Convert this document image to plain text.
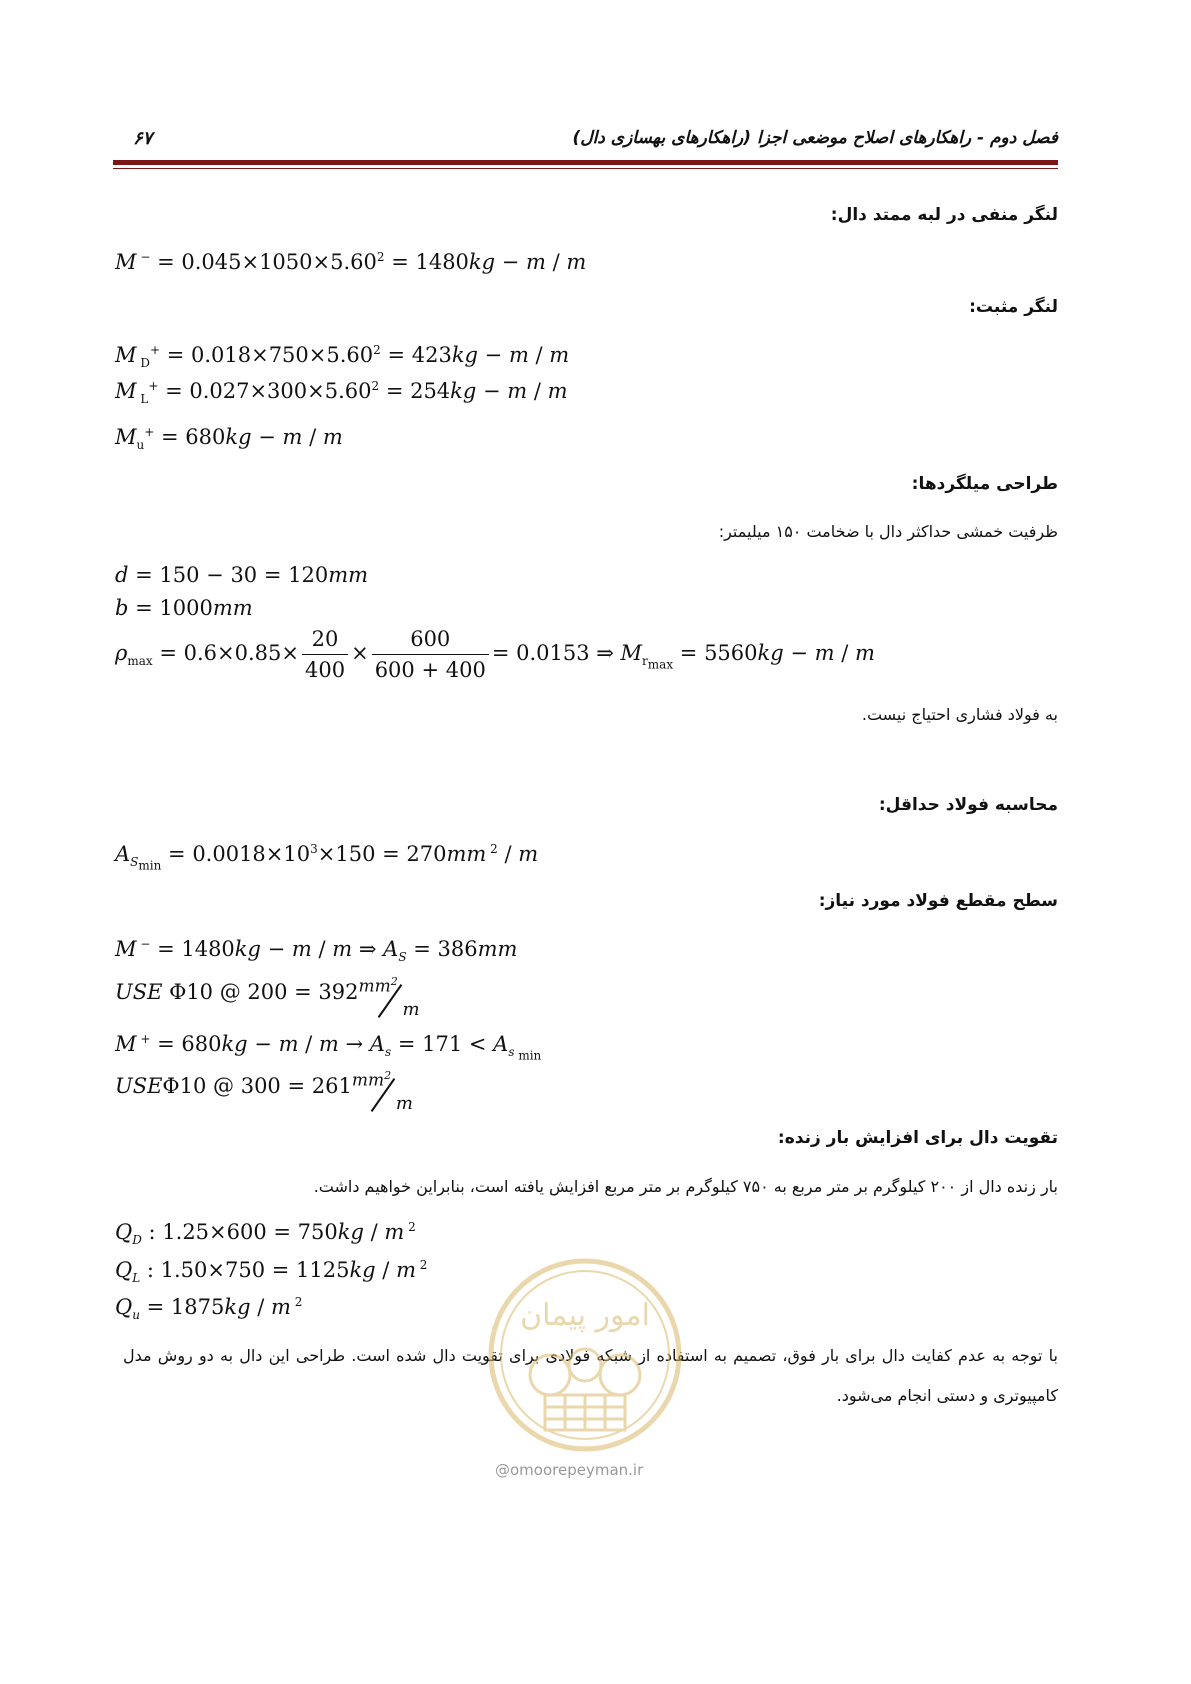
۶۷	فصل دوم - راهکارهای اصلاح موضعی اجزا (راهکارهای بهسازی دال)
لنگر منفی در لبه ممتد دال:
M $^- = 0.045\times 1050\times 5.60^2 = 1480kg - m / m$
لنگر مثبت:
M $_D^+ = 0.018\times 750\times 5.60^2 = 423kg - m / m$
M $_L^+ = 0.027\times 300\times 5.60^2 = 254kg - m / m$
$M_u^+ = 680kg - m / m$
طراحی میلگردها:
ظرفیت خمشی حداکثر دال با ضخامت ۱۵۰ میلیمتر:
d = 150 − 30 = 120mm
b = 1000mm
$\rho_{max} = 0.6\times 0.85\times \frac{20}{400} \times \frac{600}{600 + 400} = 0.0153$ ⇒ $M_{r_{max}} = 5560kg - m / m$
به فولاد فشاری احتیاج نیست.
محاسبه فولاد حداقل:
$A_{S_{min}} = 0.0018\times 10^3\times 150 = 270mm$ $^2$ / m
سطح مقطع فولاد مورد نیاز:
M − = 1480kg − m / m ⇒ $A_S = 386mm$
USE Φ10 @ 200 = 392 $mm^2$
m
M $^+ = 680kg - m / m \to A_s = 171 < A_{s _{min}}$
USEΦ10 @ 300 = 261 $mm^2$
m
تقویت دال برای افزایش بار زنده:
بار زنده دال از ۲۰۰ کیلوگرم بر متر مربع به ۷۵۰ کیلوگرم بر متر مربع افزایش یافته است، بنابراین خواهیم داشت.
$Q_D$ : 1.25×600 = 750kg / m $^2$
$Q_L$ : 1.50×750 = 1125kg / m $^2$
$Q_u = 1875kg / m$ $^2$
با توجه به عدم کفایت دال برای بار فوق، تصمیم به استفاده از شبکه فولادی برای تقویت دال شده است. طراحی این دال به دو روش مدل کامپیوتری و دستی انجام می‌شود.
امور پیمان
@omoorepeyman.ir
